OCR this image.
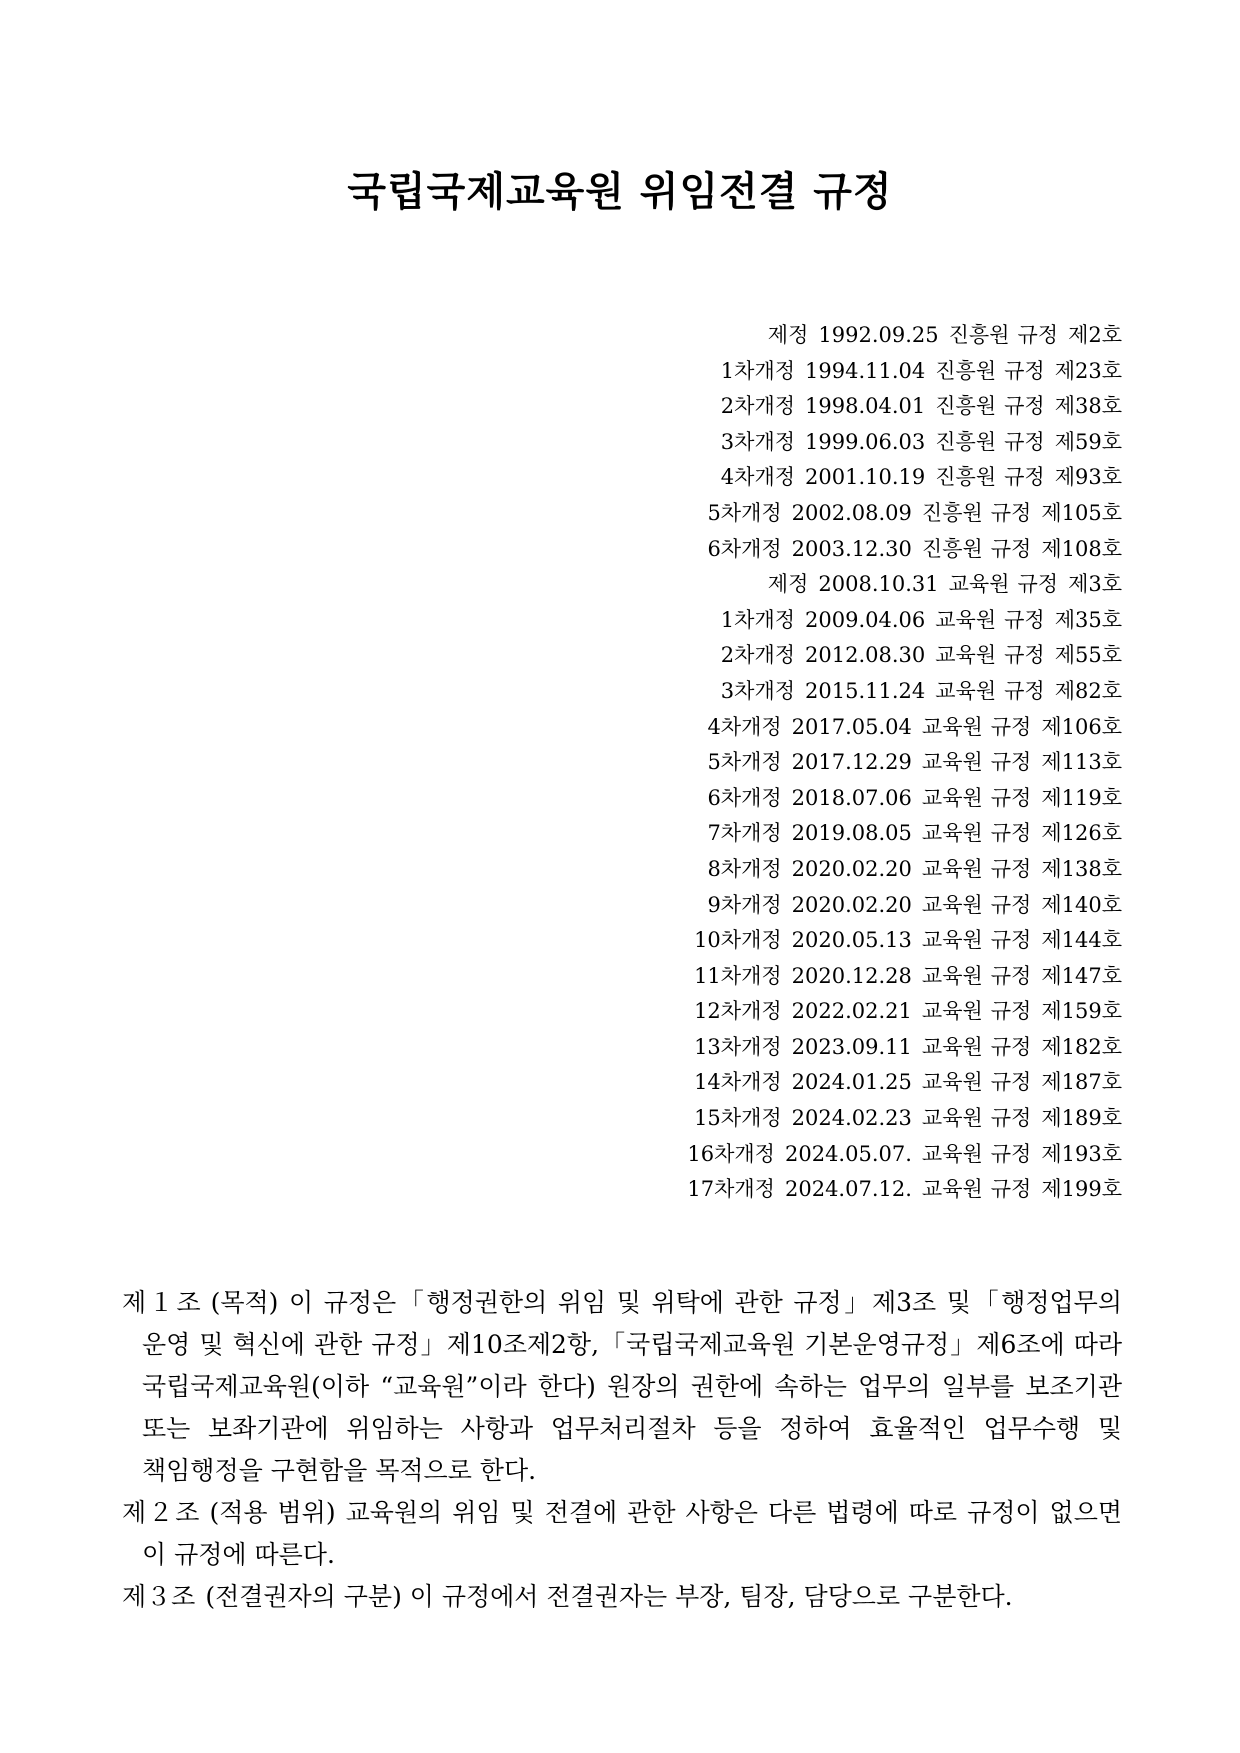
국립국제교육원 위임전결 규정
제정 1992.09.25 진흥원 규정 제2호
1차개정 1994.11.04 진흥원 규정 제23호
2차개정 1998.04.01 진흥원 규정 제38호
3차개정 1999.06.03 진흥원 규정 제59호
4차개정 2001.10.19 진흥원 규정 제93호
5차개정 2002.08.09 진흥원 규정 제105호
6차개정 2003.12.30 진흥원 규정 제108호
제정 2008.10.31 교육원 규정 제3호
1차개정 2009.04.06 교육원 규정 제35호
2차개정 2012.08.30 교육원 규정 제55호
3차개정 2015.11.24 교육원 규정 제82호
4차개정 2017.05.04 교육원 규정 제106호
5차개정 2017.12.29 교육원 규정 제113호
6차개정 2018.07.06 교육원 규정 제119호
7차개정 2019.08.05 교육원 규정 제126호
8차개정 2020.02.20 교육원 규정 제138호
9차개정 2020.02.20 교육원 규정 제140호
10차개정 2020.05.13 교육원 규정 제144호
11차개정 2020.12.28 교육원 규정 제147호
12차개정 2022.02.21 교육원 규정 제159호
13차개정 2023.09.11 교육원 규정 제182호
14차개정 2024.01.25 교육원 규정 제187호
15차개정 2024.02.23 교육원 규정 제189호
16차개정 2024.05.07. 교육원 규정 제193호
17차개정 2024.07.12. 교육원 규정 제199호

제１조 (목적) 이 규정은「행정권한의 위임 및 위탁에 관한 규정」제3조 및「행정업무의 운영 및 혁신에 관한 규정」제10조제2항,「국립국제교육원 기본운영규정」제6조에 따라 국립국제교육원(이하 “교육원”이라 한다) 원장의 권한에 속하는 업무의 일부를 보조기관 또는 보좌기관에 위임하는 사항과 업무처리절차 등을 정하여 효율적인 업무수행 및 책임행정을 구현함을 목적으로 한다.

제２조 (적용 범위) 교육원의 위임 및 전결에 관한 사항은 다른 법령에 따로 규정이 없으면 이 규정에 따른다.

제３조 (전결권자의 구분) 이 규정에서 전결권자는 부장, 팀장, 담당으로 구분한다.
